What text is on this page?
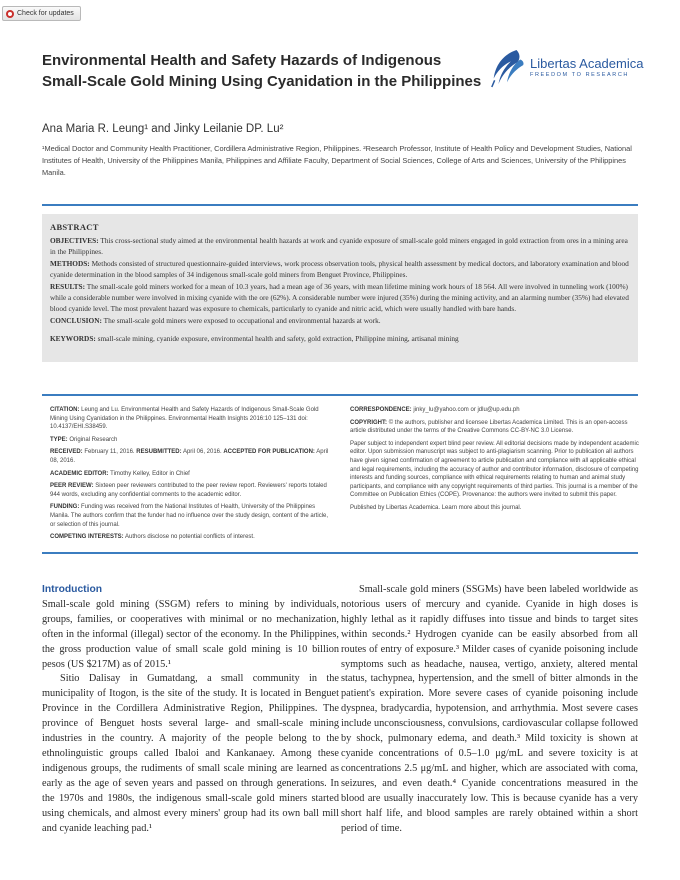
Check for updates
Environmental Health and Safety Hazards of Indigenous Small-Scale Gold Mining Using Cyanidation in the Philippines
Libertas Academica
FREEDOM TO RESEARCH

Ana Maria R. Leung¹ and Jinky Leilanie DP. Lu²

¹Medical Doctor and Community Health Practitioner, Cordillera Administrative Region, Philippines. ²Research Professor, Institute of Health Policy and Development Studies, National Institutes of Health, University of the Philippines Manila, Philippines and Affiliate Faculty, Department of Social Sciences, College of Arts and Sciences, University of the Philippines Manila.

ABSTRACT

OBJECTIVES: This cross-sectional study aimed at the environmental health hazards at work and cyanide exposure of small-scale gold miners engaged in gold extraction from ores in a mining area in the Philippines.

METHODS: Methods consisted of structured questionnaire-guided interviews, work process observation tools, physical health assessment by medical doctors, and laboratory examination and blood cyanide determination in the blood samples of 34 indigenous small-scale gold miners from Benguet Province, Philippines.

RESULTS: The small-scale gold miners worked for a mean of 10.3 years, had a mean age of 36 years, with mean lifetime mining work hours of 18 564. All were involved in tunneling work (100%) while a considerable number were involved in mixing cyanide with the ore (62%). A considerable number were injured (35%) during the mining activity, and an alarming number (35%) had elevated blood cyanide level. The most prevalent hazard was exposure to chemicals, particularly to cyanide and nitric acid, which were usually handled with bare hands.

CONCLUSION: The small-scale gold miners were exposed to occupational and environmental hazards at work.

KEYWORDS: small-scale mining, cyanide exposure, environmental health and safety, gold extraction, Philippine mining, artisanal mining

CITATION: Leung and Lu. Environmental Health and Safety Hazards of Indigenous Small-Scale Gold Mining Using Cyanidation in the Philippines. Environmental Health Insights 2016:10 125–131 doi: 10.4137/EHI.S38459.

TYPE: Original Research

RECEIVED: February 11, 2016. RESUBMITTED: April 06, 2016. ACCEPTED FOR PUBLICATION: April 08, 2016.

ACADEMIC EDITOR: Timothy Kelley, Editor in Chief

PEER REVIEW: Sixteen peer reviewers contributed to the peer review report. Reviewers' reports totaled 944 words, excluding any confidential comments to the academic editor.

FUNDING: Funding was received from the National Institutes of Health, University of the Philippines Manila. The authors confirm that the funder had no influence over the study design, content of the article, or selection of this journal.

COMPETING INTERESTS: Authors disclose no potential conflicts of interest.

CORRESPONDENCE: jinky_lu@yahoo.com or jdlu@up.edu.ph

COPYRIGHT: © the authors, publisher and licensee Libertas Academica Limited. This is an open-access article distributed under the terms of the Creative Commons CC-BY-NC 3.0 License.

Paper subject to independent expert blind peer review. All editorial decisions made by independent academic editor. Upon submission manuscript was subject to anti-plagiarism scanning. Prior to publication all authors have given signed confirmation of agreement to article publication and compliance with all applicable ethical and legal requirements, including the accuracy of author and contributor information, disclosure of competing interests and funding sources, compliance with ethical requirements relating to human and animal study participants, and compliance with any copyright requirements of third parties. This journal is a member of the Committee on Publication Ethics (COPE). Provenance: the authors were invited to submit this paper.

Published by Libertas Academica. Learn more about this journal.

Introduction

Small-scale gold mining (SSGM) refers to mining by individuals, groups, families, or cooperatives with minimal or no mechanization, often in the informal (illegal) sector of the economy. In the Philippines, the gross production value of small scale gold mining is 10 billion pesos (US $217M) as of 2015.¹

Sitio Dalisay in Gumatdang, a small community in the municipality of Itogon, is the site of the study. It is located in Benguet Province in the Cordillera Administrative Region, Philippines. The province of Benguet hosts several large- and small-scale mining industries in the country. A majority of the people belong to the ethnolinguistic groups called Ibaloi and Kankanaey. Among these indigenous groups, the rudiments of small scale mining are learned as early as the age of seven years and passed on through generations. In the 1970s and 1980s, the indigenous small-scale gold miners started using chemicals, and almost every miners' group had its own ball mill and cyanide leaching pad.¹

Small-scale gold miners (SSGMs) have been labeled worldwide as notorious users of mercury and cyanide. Cyanide in high doses is highly lethal as it rapidly diffuses into tissue and binds to target sites within seconds.² Hydrogen cyanide can be easily absorbed from all routes of entry of exposure.³ Milder cases of cyanide poisoning include symptoms such as headache, nausea, vertigo, anxiety, altered mental status, tachypnea, hypertension, and the smell of bitter almonds in the patient's expiration. More severe cases of cyanide poisoning include dyspnea, bradycardia, hypotension, and arrhythmia. Most severe cases include unconsciousness, convulsions, cardiovascular collapse followed by shock, pulmonary edema, and death.³ Mild toxicity is shown at cyanide concentrations of 0.5–1.0 μg/mL and severe toxicity is at concentrations 2.5 μg/mL and higher, which are associated with coma, seizures, and even death.⁴ Cyanide concentrations measured in the blood are usually inaccurately low. This is because cyanide has a very short half life, and blood samples are rarely obtained within a short period of time.
